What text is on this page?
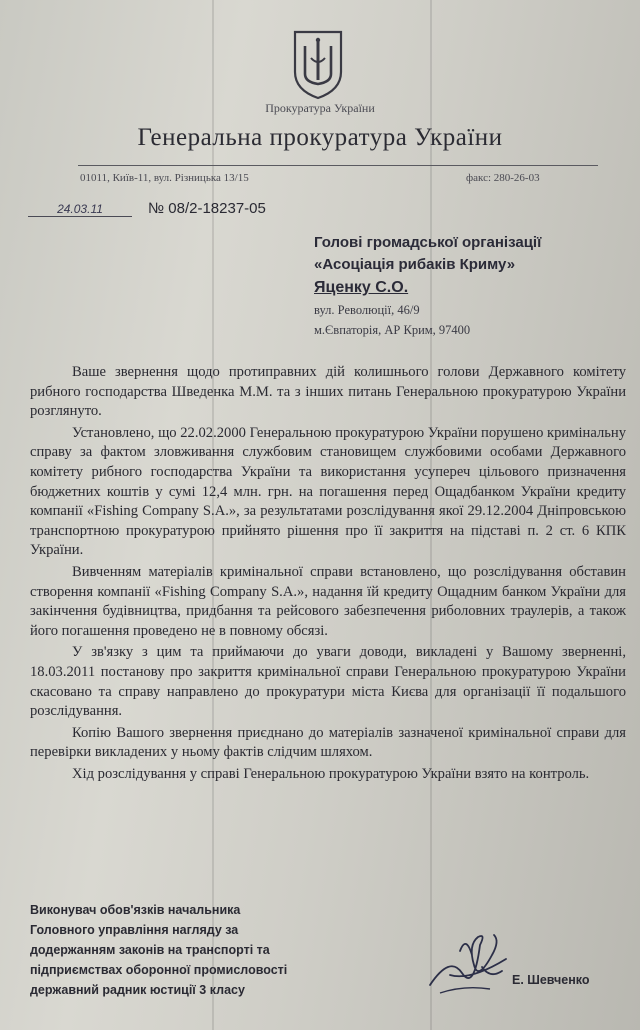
Прокуратура України
Генеральна прокуратура України
01011, Київ-11, вул. Різницька 13/15	факс: 280-26-03
24.03.11	№ 08/2-18237-05
Голові громадської організації
«Асоціація рибаків Криму»
Яценку С.О.
вул. Революції, 46/9
м.Євпаторія, АР Крим, 97400

Ваше звернення щодо протиправних дій колишнього голови Державного комітету рибного господарства Шведенка М.М. та з інших питань Генеральною прокуратурою України розглянуто.

Установлено, що 22.02.2000 Генеральною прокуратурою України порушено кримінальну справу за фактом зловживання службовим становищем службовими особами Державного комітету рибного господарства України та використання усупереч цільового призначення бюджетних коштів у сумі 12,4 млн. грн. на погашення перед Ощадбанком України кредиту компанії «Fishing Company S.A.», за результатами розслідування якої 29.12.2004 Дніпровською транспортною прокуратурою прийнято рішення про її закриття на підставі п. 2 ст. 6 КПК України.

Вивченням матеріалів кримінальної справи встановлено, що розслідування обставин створення компанії «Fishing Company S.A.», надання їй кредиту Ощадним банком України для закінчення будівництва, придбання та рейсового забезпечення риболовних траулерів, а також його погашення проведено не в повному обсязі.

У зв'язку з цим та приймаючи до уваги доводи, викладені у Вашому зверненні, 18.03.2011 постанову про закриття кримінальної справи Генеральною прокуратурою України скасовано та справу направлено до прокуратури міста Києва для організації її подальшого розслідування.

Копію Вашого звернення приєднано до матеріалів зазначеної кримінальної справи для перевірки викладених у ньому фактів слідчим шляхом.

Хід розслідування у справі Генеральною прокуратурою України взято на контроль.

Виконувач обов'язків начальника
Головного управління нагляду за
додержанням законів на транспорті та
підприємствах оборонної промисловості
державний радник юстиції 3 класу
Е. Шевченко
